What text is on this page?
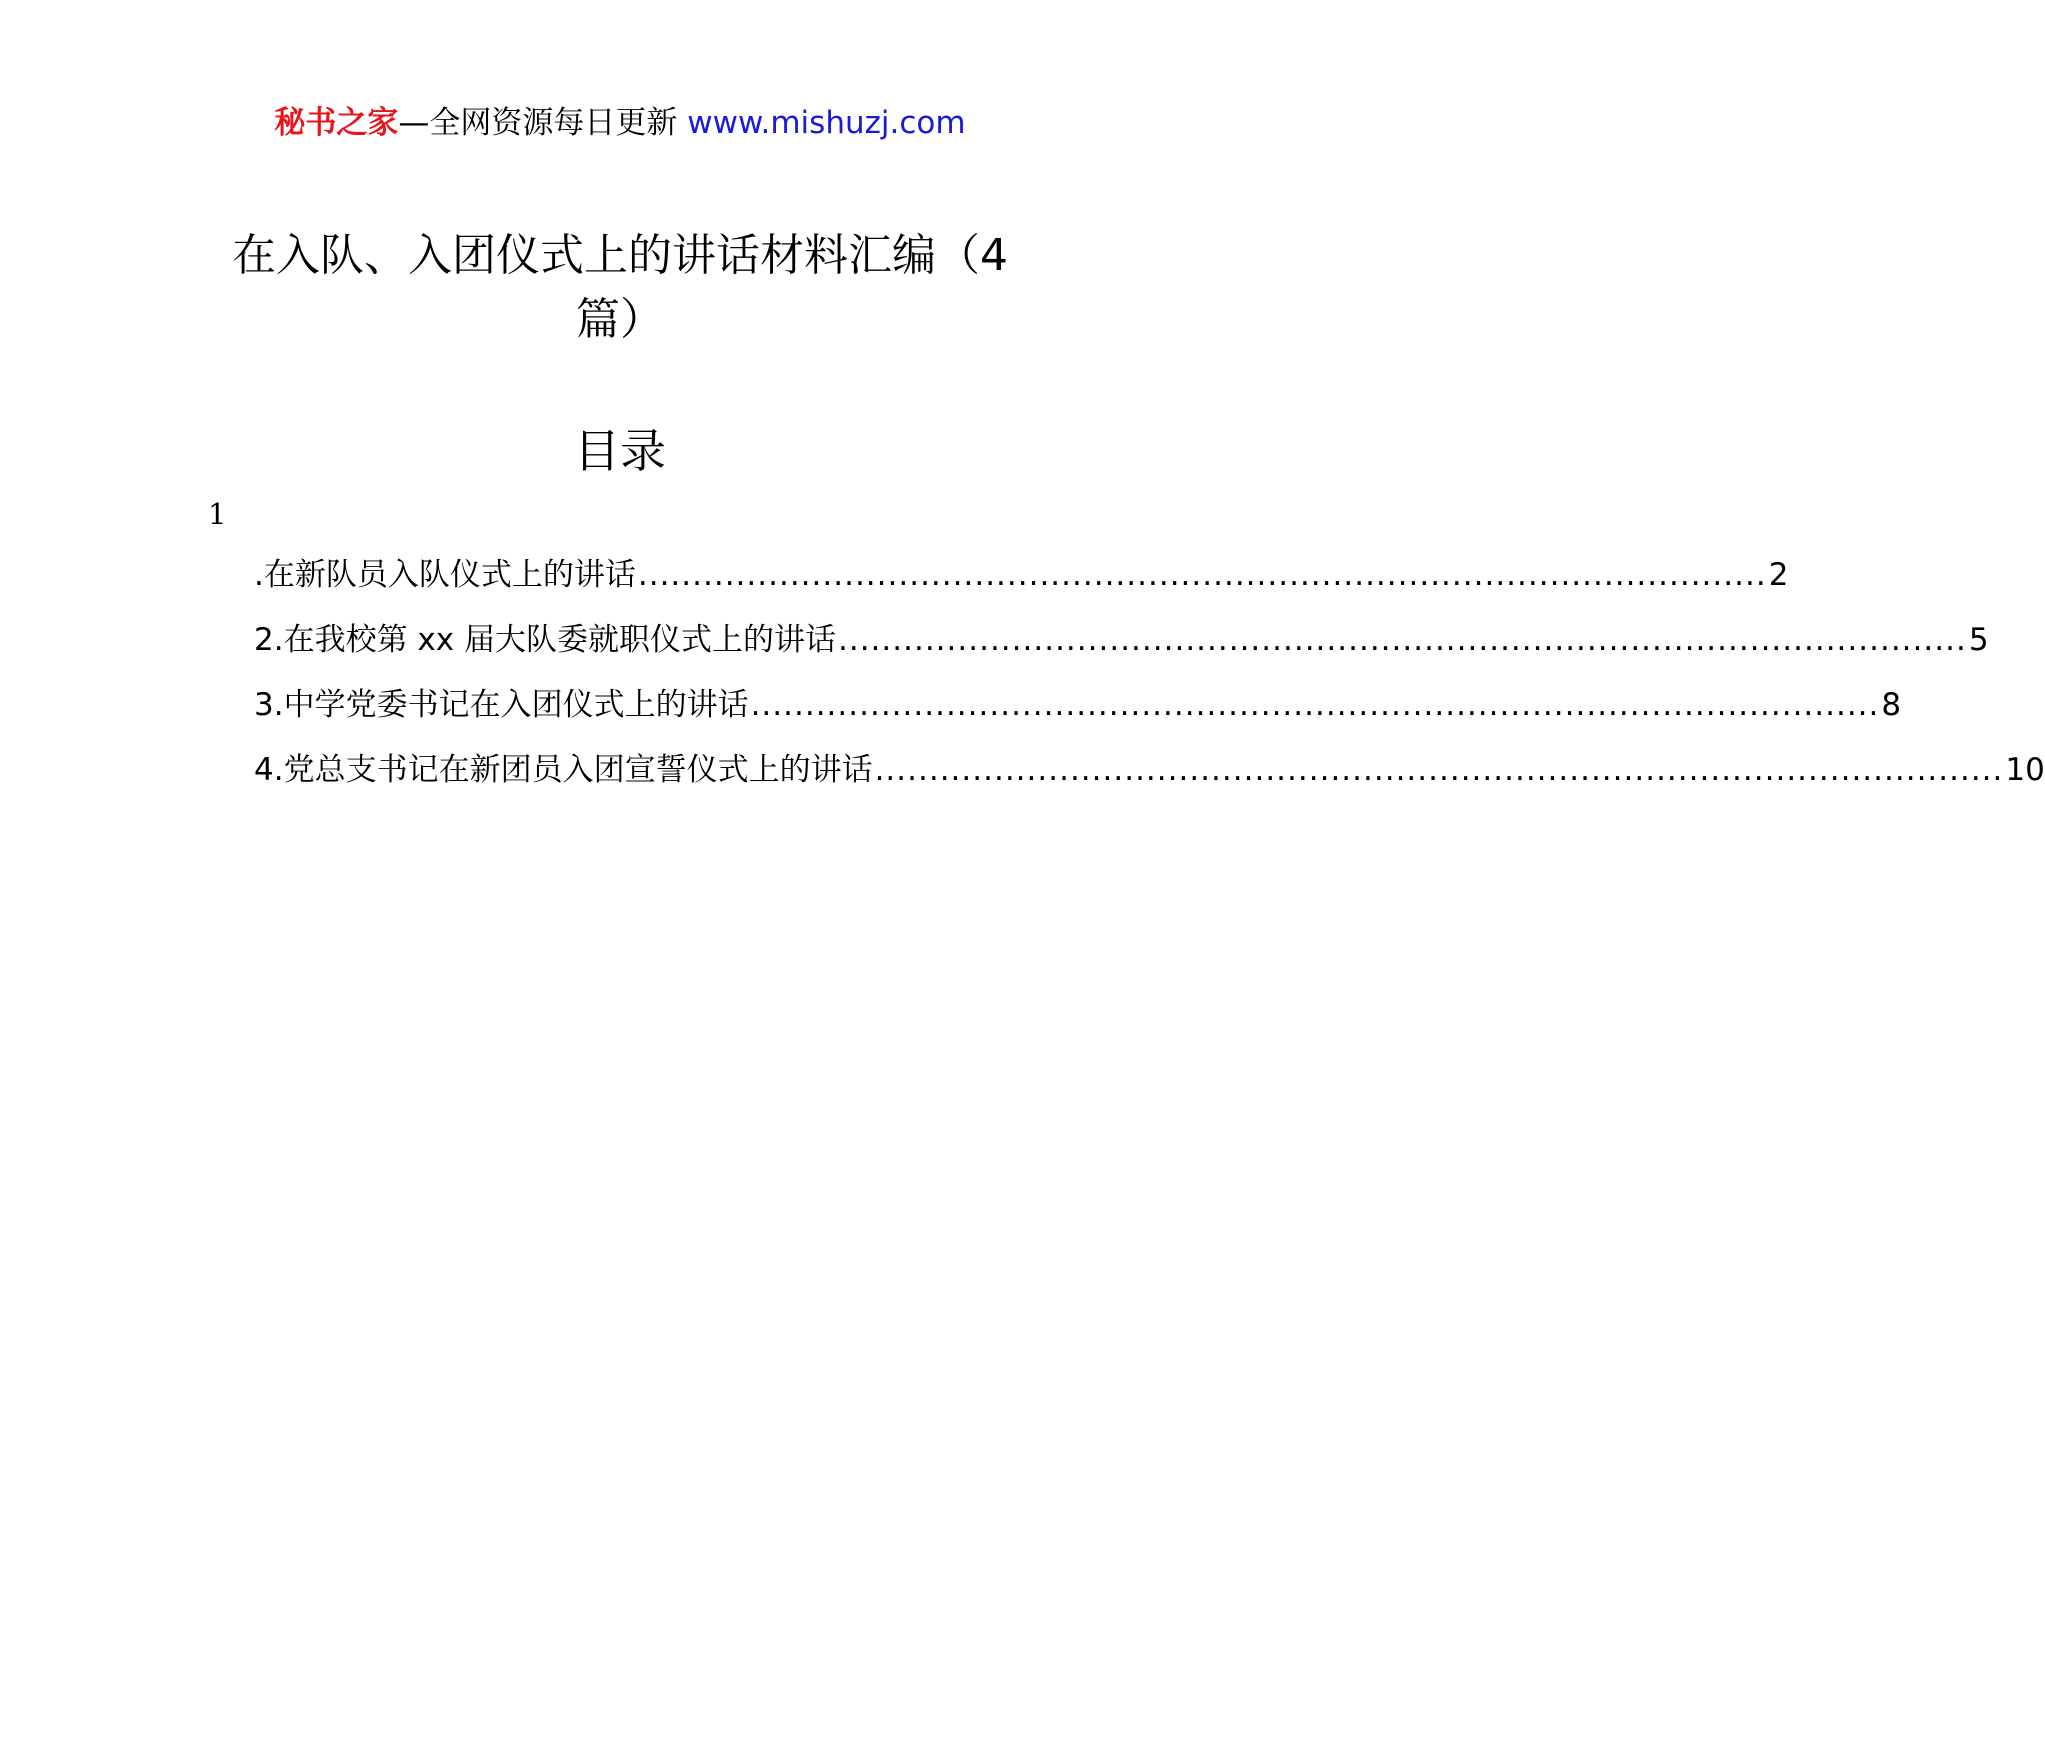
秘书之家—全网资源每日更新 www.mishuzj.com
在入队、入团仪式上的讲话材料汇编（4篇）
目录
1
.在新队员入队仪式上的讲话 ........................................................................................................ 2
2.在我校第 xx 届大队委就职仪式上的讲话 ........................................................................................................ 5
3.中学党委书记在入团仪式上的讲话 ........................................................................................................ 8
4.党总支书记在新团员入团宣誓仪式上的讲话 ........................................................................................................ 10
